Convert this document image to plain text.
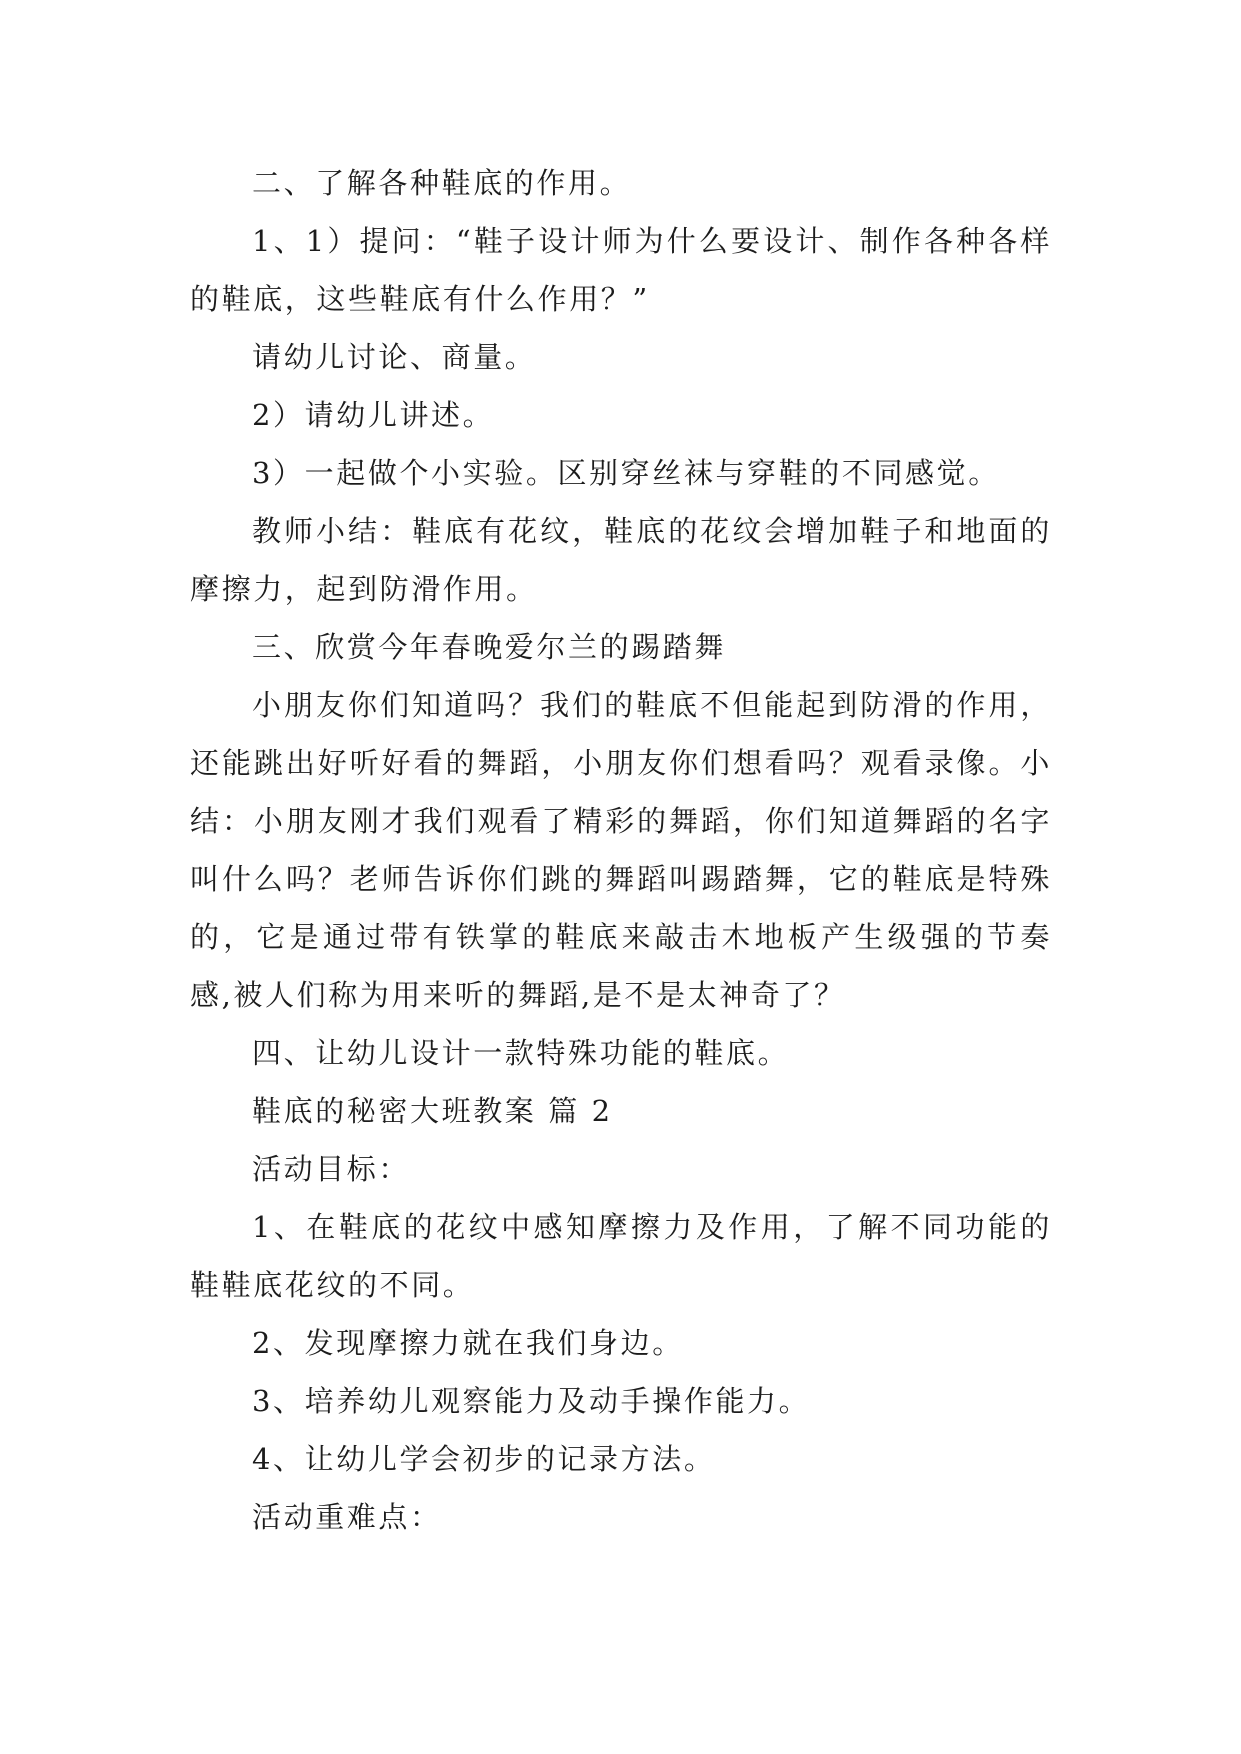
二、了解各种鞋底的作用。

1、1）提问：“鞋子设计师为什么要设计、制作各种各样的鞋底，这些鞋底有什么作用？”

请幼儿讨论、商量。

2）请幼儿讲述。

3）一起做个小实验。区别穿丝袜与穿鞋的不同感觉。

教师小结：鞋底有花纹，鞋底的花纹会增加鞋子和地面的摩擦力，起到防滑作用。

三、欣赏今年春晚爱尔兰的踢踏舞

小朋友你们知道吗？我们的鞋底不但能起到防滑的作用，还能跳出好听好看的舞蹈，小朋友你们想看吗？观看录像。小结：小朋友刚才我们观看了精彩的舞蹈，你们知道舞蹈的名字叫什么吗？老师告诉你们跳的舞蹈叫踢踏舞，它的鞋底是特殊的，它是通过带有铁掌的鞋底来敲击木地板产生级强的节奏感,被人们称为用来听的舞蹈,是不是太神奇了？

四、让幼儿设计一款特殊功能的鞋底。

鞋底的秘密大班教案 篇 2

活动目标：

1、在鞋底的花纹中感知摩擦力及作用，了解不同功能的鞋鞋底花纹的不同。

2、发现摩擦力就在我们身边。

3、培养幼儿观察能力及动手操作能力。

4、让幼儿学会初步的记录方法。

活动重难点：
